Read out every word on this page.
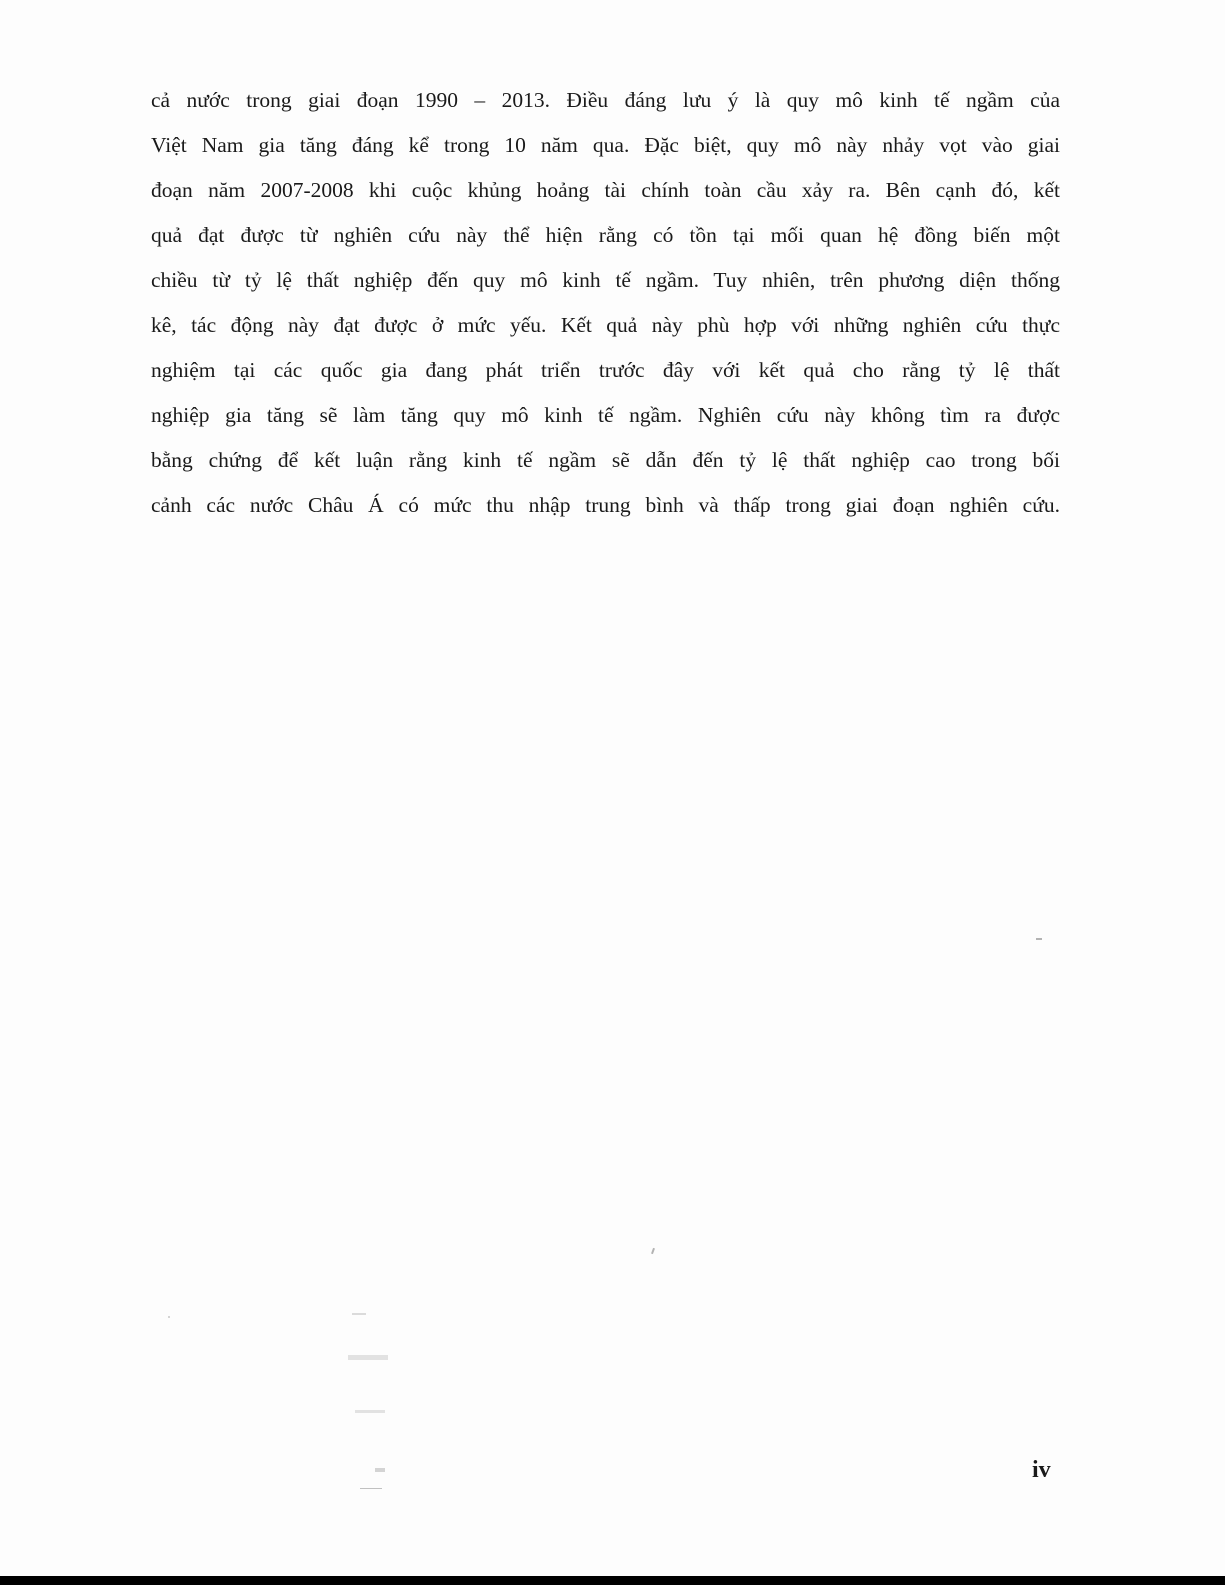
cả nước trong giai đoạn 1990 – 2013. Điều đáng lưu ý là quy mô kinh tế ngầm của
Việt Nam gia tăng đáng kể trong 10 năm qua. Đặc biệt, quy mô này nhảy vọt vào giai
đoạn năm 2007-2008 khi cuộc khủng hoảng tài chính toàn cầu xảy ra. Bên cạnh đó, kết
quả đạt được từ nghiên cứu này thể hiện rằng có tồn tại mối quan hệ đồng biến một
chiều từ tỷ lệ thất nghiệp đến quy mô kinh tế ngầm. Tuy nhiên, trên phương diện thống
kê, tác động này đạt được ở mức yếu. Kết quả này phù hợp với những nghiên cứu thực
nghiệm tại các quốc gia đang phát triển trước đây với kết quả cho rằng tỷ lệ thất
nghiệp gia tăng sẽ làm tăng quy mô kinh tế ngầm. Nghiên cứu này không tìm ra được
bằng chứng để kết luận rằng kinh tế ngầm sẽ dẫn đến tỷ lệ thất nghiệp cao trong bối
cảnh các nước Châu Á có mức thu nhập trung bình và thấp trong giai đoạn nghiên cứu.
iv
